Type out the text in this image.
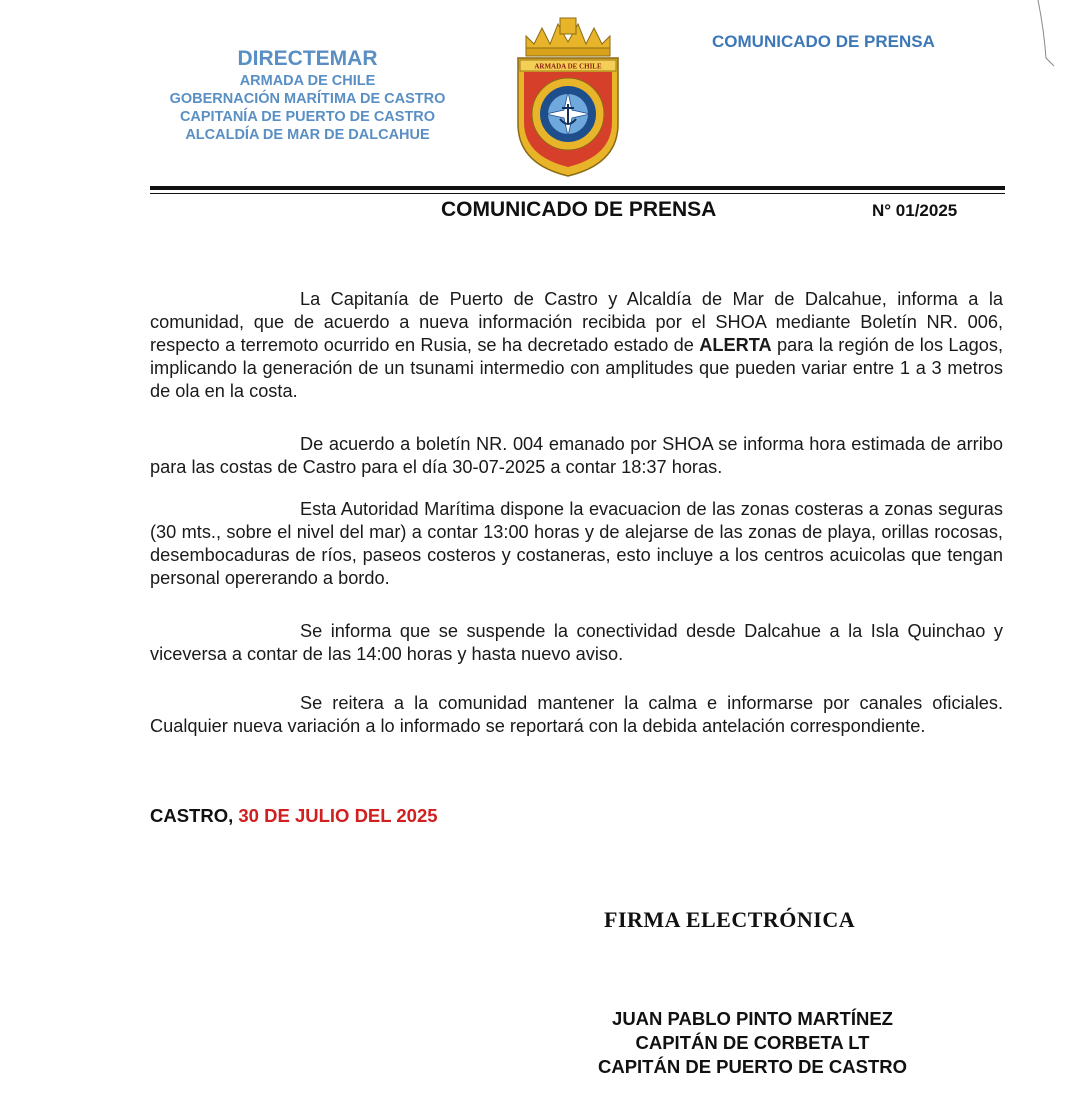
DIRECTEMAR
ARMADA DE CHILE
GOBERNACIÓN MARÍTIMA DE CASTRO
CAPITANÍA DE PUERTO DE CASTRO
ALCALDÍA DE MAR DE DALCAHUE
ARMADA DE CHILE
COMUNICADO DE PRENSA
COMUNICADO DE PRENSA	N° 01/2025

La Capitanía de Puerto de Castro y Alcaldía de Mar de Dalcahue, informa a la comunidad, que de acuerdo a nueva información recibida por el SHOA mediante Boletín NR. 006, respecto a terremoto ocurrido en Rusia, se ha decretado estado de ALERTA para la región de los Lagos, implicando la generación de un tsunami intermedio con amplitudes que pueden variar entre 1 a 3 metros de ola en la costa.

De acuerdo a boletín NR. 004 emanado por SHOA se informa hora estimada de arribo para las costas de Castro para el día 30-07-2025 a contar 18:37 horas.

Esta Autoridad Marítima dispone la evacuacion de las zonas costeras a zonas seguras (30 mts., sobre el nivel del mar) a contar 13:00 horas y de alejarse de las zonas de playa, orillas rocosas, desembocaduras de ríos, paseos costeros y costaneras, esto incluye a los centros acuicolas que tengan personal opererando a bordo.

Se informa que se suspende la conectividad desde Dalcahue a la Isla Quinchao y viceversa a contar de las 14:00 horas y hasta nuevo aviso.

Se reitera a la comunidad mantener la calma e informarse por canales oficiales. Cualquier nueva variación a lo informado se reportará con la debida antelación correspondiente.

CASTRO, 30 DE JULIO DEL 2025
FIRMA ELECTRÓNICA
JUAN PABLO PINTO MARTÍNEZ
CAPITÁN DE CORBETA LT
CAPITÁN DE PUERTO DE CASTRO
